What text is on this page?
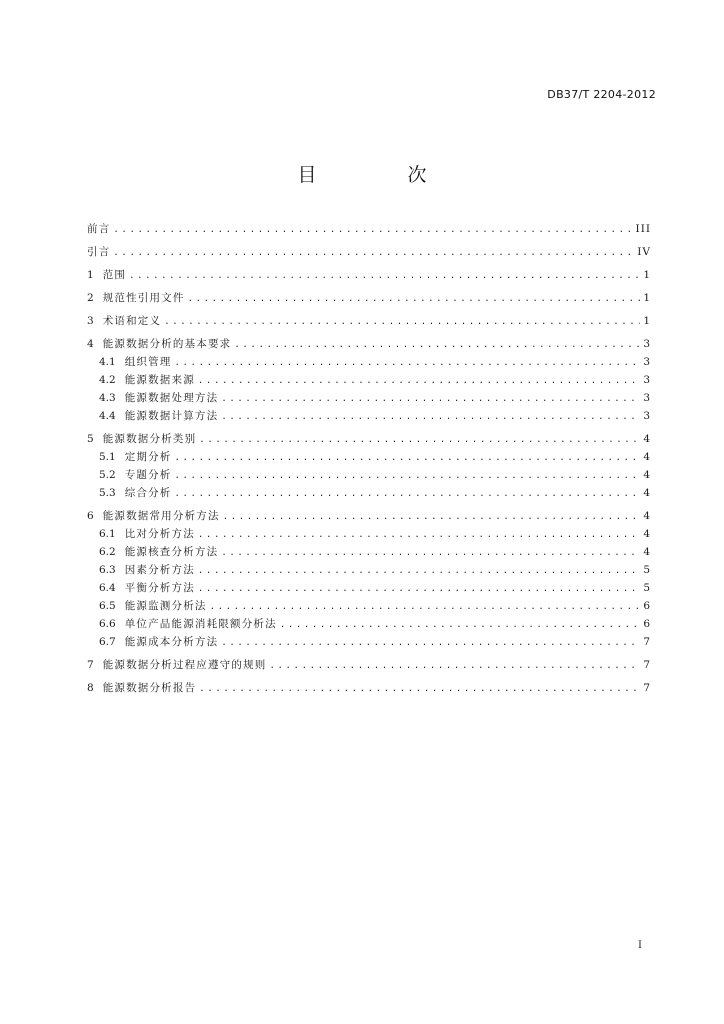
DB37/T 2204-2012
目　次
前言 .....	III
引言 .....	IV
1 范围 .....	1
2 规范性引用文件 .....	1
3 术语和定义 .....	1
4 能源数据分析的基本要求 .....	3
4.1 组织管理 .....	3
4.2 能源数据来源 .....	3
4.3 能源数据处理方法 .....	3
4.4 能源数据计算方法 .....	3
5 能源数据分析类别 .....	4
5.1 定期分析 .....	4
5.2 专题分析 .....	4
5.3 综合分析 .....	4
6 能源数据常用分析方法 .....	4
6.1 比对分析方法 .....	4
6.2 能源核查分析方法 .....	4
6.3 因素分析方法 .....	5
6.4 平衡分析方法 .....	5
6.5 能源监测分析法 .....	6
6.6 单位产品能源消耗限额分析法 .....	6
6.7 能源成本分析方法 .....	7
7 能源数据分析过程应遵守的规则 .....	7
8 能源数据分析报告 .....	7
I
